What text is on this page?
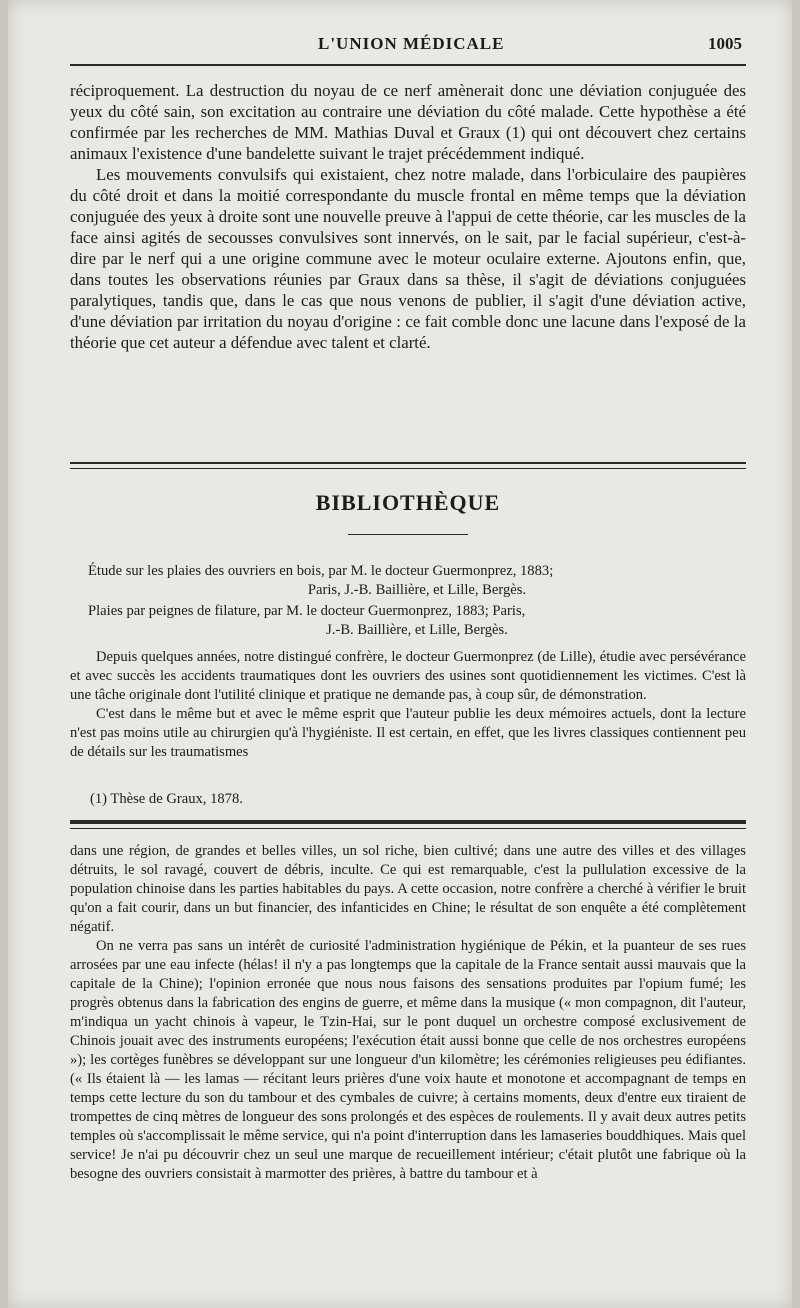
L'UNION MÉDICALE	1005

réciproquement. La destruction du noyau de ce nerf amènerait donc une déviation conjuguée des yeux du côté sain, son excitation au contraire une déviation du côté malade. Cette hypothèse a été confirmée par les recherches de MM. Mathias Duval et Graux (1) qui ont découvert chez certains animaux l'existence d'une bandelette suivant le trajet précédemment indiqué.

Les mouvements convulsifs qui existaient, chez notre malade, dans l'orbiculaire des paupières du côté droit et dans la moitié correspondante du muscle frontal en même temps que la déviation conjuguée des yeux à droite sont une nouvelle preuve à l'appui de cette théorie, car les muscles de la face ainsi agités de secousses convulsives sont innervés, on le sait, par le facial supérieur, c'est-à-dire par le nerf qui a une origine commune avec le moteur oculaire externe. Ajoutons enfin, que, dans toutes les observations réunies par Graux dans sa thèse, il s'agit de déviations conjuguées paralytiques, tandis que, dans le cas que nous venons de publier, il s'agit d'une déviation active, d'une déviation par irritation du noyau d'origine : ce fait comble donc une lacune dans l'exposé de la théorie que cet auteur a défendue avec talent et clarté.

BIBLIOTHÈQUE

Étude sur les plaies des ouvriers en bois, par M. le docteur Guermonprez, 1883;
Paris, J.-B. Baillière, et Lille, Bergès.

Plaies par peignes de filature, par M. le docteur Guermonprez, 1883; Paris,
J.-B. Baillière, et Lille, Bergès.

Depuis quelques années, notre distingué confrère, le docteur Guermonprez (de Lille), étudie avec persévérance et avec succès les accidents traumatiques dont les ouvriers des usines sont quotidiennement les victimes. C'est là une tâche originale dont l'utilité clinique et pratique ne demande pas, à coup sûr, de démonstration.

C'est dans le même but et avec le même esprit que l'auteur publie les deux mémoires actuels, dont la lecture n'est pas moins utile au chirurgien qu'à l'hygiéniste. Il est certain, en effet, que les livres classiques contiennent peu de détails sur les traumatismes

(1) Thèse de Graux, 1878.

dans une région, de grandes et belles villes, un sol riche, bien cultivé; dans une autre des villes et des villages détruits, le sol ravagé, couvert de débris, inculte. Ce qui est remarquable, c'est la pullulation excessive de la population chinoise dans les parties habitables du pays. A cette occasion, notre confrère a cherché à vérifier le bruit qu'on a fait courir, dans un but financier, des infanticides en Chine; le résultat de son enquête a été complètement négatif.

On ne verra pas sans un intérêt de curiosité l'administration hygiénique de Pékin, et la puanteur de ses rues arrosées par une eau infecte (hélas! il n'y a pas longtemps que la capitale de la France sentait aussi mauvais que la capitale de la Chine); l'opinion erronée que nous nous faisons des sensations produites par l'opium fumé; les progrès obtenus dans la fabrication des engins de guerre, et même dans la musique (« mon compagnon, dit l'auteur, m'indiqua un yacht chinois à vapeur, le Tzin-Hai, sur le pont duquel un orchestre composé exclusivement de Chinois jouait avec des instruments européens; l'exécution était aussi bonne que celle de nos orchestres européens »); les cortèges funèbres se développant sur une longueur d'un kilomètre; les cérémonies religieuses peu édifiantes. (« Ils étaient là — les lamas — récitant leurs prières d'une voix haute et monotone et accompagnant de temps en temps cette lecture du son du tambour et des cymbales de cuivre; à certains moments, deux d'entre eux tiraient de trompettes de cinq mètres de longueur des sons prolongés et des espèces de roulements. Il y avait deux autres petits temples où s'accomplissait le même service, qui n'a point d'interruption dans les lamaseries bouddhiques. Mais quel service! Je n'ai pu découvrir chez un seul une marque de recueillement intérieur; c'était plutôt une fabrique où la besogne des ouvriers consistait à marmotter des prières, à battre du tambour et à
